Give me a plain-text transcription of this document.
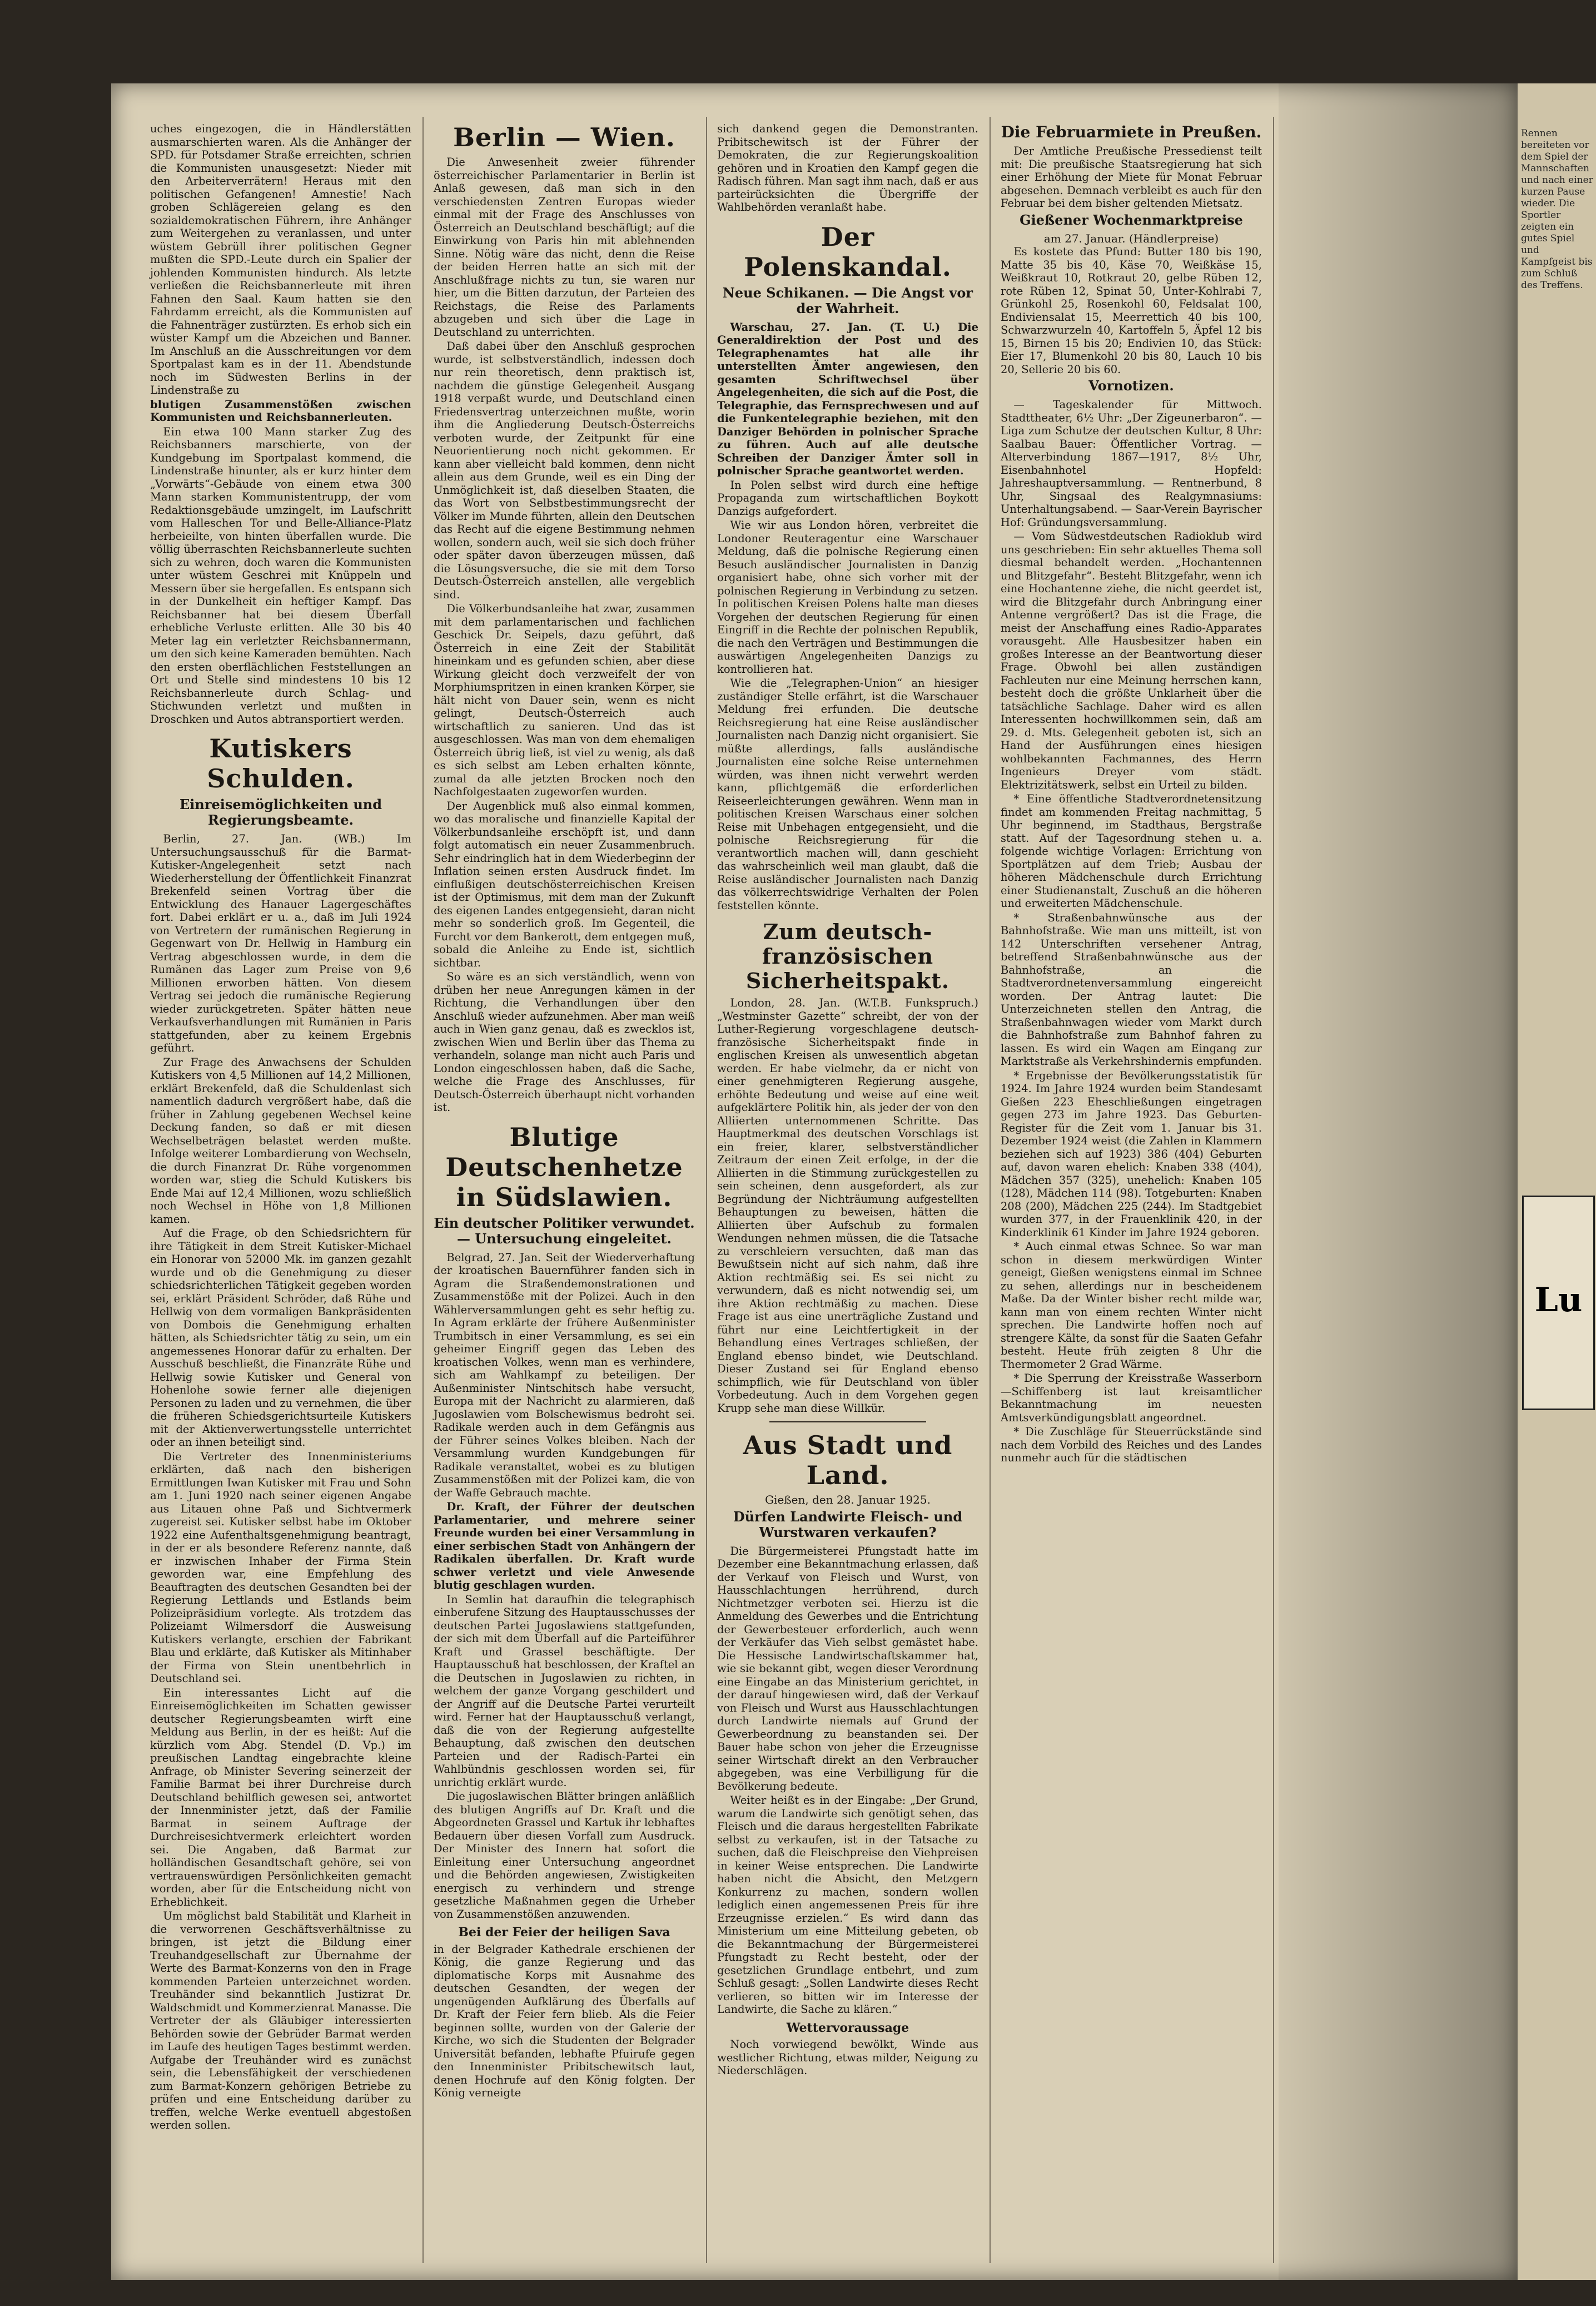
uches eingezogen, die in Händlerstätten ausmarschierten waren. Als die Anhänger der SPD. für Potsdamer Straße erreichten, schrien die Kommunisten unausgesetzt: Nieder mit den Arbeiterverrätern! Heraus mit den politischen Gefangenen! Amnestie! Nach groben Schlägereien gelang es den sozialdemokratischen Führern, ihre Anhänger zum Weitergehen zu veranlassen, und unter wüstem Gebrüll ihrer politischen Gegner mußten die SPD.-Leute durch ein Spalier der johlenden Kommunisten hindurch. Als letzte verließen die Reichsbannerleute mit ihren Fahnen den Saal. Kaum hatten sie den Fahrdamm erreicht, als die Kommunisten auf die Fahnenträger zustürzten. Es erhob sich ein wüster Kampf um die Abzeichen und Banner. Im Anschluß an die Ausschreitungen vor dem Sportpalast kam es in der 11. Abendstunde noch im Südwesten Berlins in der Lindenstraße zu

blutigen Zusammenstößen zwischen Kommunisten und Reichsbannerleuten.

Ein etwa 100 Mann starker Zug des Reichsbanners marschierte, von der Kundgebung im Sportpalast kommend, die Lindenstraße hinunter, als er kurz hinter dem „Vorwärts“-Gebäude von einem etwa 300 Mann starken Kommunistentrupp, der vom Redaktionsgebäude umzingelt, im Laufschritt vom Halleschen Tor und Belle-Alliance-Platz herbeieilte, von hinten überfallen wurde. Die völlig überraschten Reichsbannerleute suchten sich zu wehren, doch waren die Kommunisten unter wüstem Geschrei mit Knüppeln und Messern über sie hergefallen. Es entspann sich in der Dunkelheit ein heftiger Kampf. Das Reichsbanner hat bei diesem Überfall erhebliche Verluste erlitten. Alle 30 bis 40 Meter lag ein verletzter Reichsbannermann, um den sich keine Kameraden bemühten. Nach den ersten oberflächlichen Feststellungen an Ort und Stelle sind mindestens 10 bis 12 Reichsbannerleute durch Schlag- und Stichwunden verletzt und mußten in Droschken und Autos abtransportiert werden.

Kutiskers Schulden.
Einreisemöglichkeiten und Regierungsbeamte.

Berlin, 27. Jan. (WB.) Im Untersuchungsausschuß für die Barmat-Kutisker-Angelegenheit setzt nach Wiederherstellung der Öffentlichkeit Finanzrat Brekenfeld seinen Vortrag über die Entwicklung des Hanauer Lagergeschäftes fort. Dabei erklärt er u. a., daß im Juli 1924 von Vertretern der rumänischen Regierung in Gegenwart von Dr. Hellwig in Hamburg ein Vertrag abgeschlossen wurde, in dem die Rumänen das Lager zum Preise von 9,6 Millionen erworben hätten. Von diesem Vertrag sei jedoch die rumänische Regierung wieder zurückgetreten. Später hätten neue Verkaufsverhandlungen mit Rumänien in Paris stattgefunden, aber zu keinem Ergebnis geführt.

Zur Frage des Anwachsens der Schulden Kutiskers von 4,5 Millionen auf 14,2 Millionen, erklärt Brekenfeld, daß die Schuldenlast sich namentlich dadurch vergrößert habe, daß die früher in Zahlung gegebenen Wechsel keine Deckung fanden, so daß er mit diesen Wechselbeträgen belastet werden mußte. Infolge weiterer Lombardierung von Wechseln, die durch Finanzrat Dr. Rühe vorgenommen worden war, stieg die Schuld Kutiskers bis Ende Mai auf 12,4 Millionen, wozu schließlich noch Wechsel in Höhe von 1,8 Millionen kamen.

Auf die Frage, ob den Schiedsrichtern für ihre Tätigkeit in dem Streit Kutisker-Michael ein Honorar von 52000 Mk. im ganzen gezahlt wurde und ob die Genehmigung zu dieser schiedsrichterlichen Tätigkeit gegeben worden sei, erklärt Präsident Schröder, daß Rühe und Hellwig von dem vormaligen Bankpräsidenten von Dombois die Genehmigung erhalten hätten, als Schiedsrichter tätig zu sein, um ein angemessenes Honorar dafür zu erhalten. Der Ausschuß beschließt, die Finanzräte Rühe und Hellwig sowie Kutisker und General von Hohenlohe sowie ferner alle diejenigen Personen zu laden und zu vernehmen, die über die früheren Schiedsgerichtsurteile Kutiskers mit der Aktienverwertungsstelle unterrichtet oder an ihnen beteiligt sind.

Die Vertreter des Innenministeriums erklärten, daß nach den bisherigen Ermittlungen Iwan Kutisker mit Frau und Sohn am 1. Juni 1920 nach seiner eigenen Angabe aus Litauen ohne Paß und Sichtvermerk zugereist sei. Kutisker selbst habe im Oktober 1922 eine Aufenthaltsgenehmigung beantragt, in der er als besondere Referenz nannte, daß er inzwischen Inhaber der Firma Stein geworden war, eine Empfehlung des Beauftragten des deutschen Gesandten bei der Regierung Lettlands und Estlands beim Polizeipräsidium vorlegte. Als trotzdem das Polizeiamt Wilmersdorf die Ausweisung Kutiskers verlangte, erschien der Fabrikant Blau und erklärte, daß Kutisker als Mitinhaber der Firma von Stein unentbehrlich in Deutschland sei.

Ein interessantes Licht auf die Einreisemöglichkeiten im Schatten gewisser deutscher Regierungsbeamten wirft eine Meldung aus Berlin, in der es heißt: Auf die kürzlich vom Abg. Stendel (D. Vp.) im preußischen Landtag eingebrachte kleine Anfrage, ob Minister Severing seinerzeit der Familie Barmat bei ihrer Durchreise durch Deutschland behilflich gewesen sei, antwortet der Innenminister jetzt, daß der Familie Barmat in seinem Auftrage der Durchreisesichtvermerk erleichtert worden sei. Die Angaben, daß Barmat zur holländischen Gesandtschaft gehöre, sei von vertrauenswürdigen Persönlichkeiten gemacht worden, aber für die Entscheidung nicht von Erheblichkeit.

Um möglichst bald Stabilität und Klarheit in die verworrenen Geschäftsverhältnisse zu bringen, ist jetzt die Bildung einer Treuhandgesellschaft zur Übernahme der Werte des Barmat-Konzerns von den in Frage kommenden Parteien unterzeichnet worden. Treuhänder sind bekanntlich Justizrat Dr. Waldschmidt und Kommerzienrat Manasse. Die Vertreter der als Gläubiger interessierten Behörden sowie der Gebrüder Barmat werden im Laufe des heutigen Tages bestimmt werden. Aufgabe der Treuhänder wird es zunächst sein, die Lebensfähigkeit der verschiedenen zum Barmat-Konzern gehörigen Betriebe zu prüfen und eine Entscheidung darüber zu treffen, welche Werke eventuell abgestoßen werden sollen.

Berlin — Wien.

Die Anwesenheit zweier führender österreichischer Parlamentarier in Berlin ist Anlaß gewesen, daß man sich in den verschiedensten Zentren Europas wieder einmal mit der Frage des Anschlusses von Österreich an Deutschland beschäftigt; auf die Einwirkung von Paris hin mit ablehnenden Sinne. Nötig wäre das nicht, denn die Reise der beiden Herren hatte an sich mit der Anschlußfrage nichts zu tun, sie waren nur hier, um die Bitten darzutun, der Parteien des Reichstags, die Reise des Parlaments abzugeben und sich über die Lage in Deutschland zu unterrichten.

Daß dabei über den Anschluß gesprochen wurde, ist selbstverständlich, indessen doch nur rein theoretisch, denn praktisch ist, nachdem die günstige Gelegenheit Ausgang 1918 verpaßt wurde, und Deutschland einen Friedensvertrag unterzeichnen mußte, worin ihm die Angliederung Deutsch-Österreichs verboten wurde, der Zeitpunkt für eine Neuorientierung noch nicht gekommen. Er kann aber vielleicht bald kommen, denn nicht allein aus dem Grunde, weil es ein Ding der Unmöglichkeit ist, daß dieselben Staaten, die das Wort von Selbstbestimmungsrecht der Völker im Munde führten, allein den Deutschen das Recht auf die eigene Bestimmung nehmen wollen, sondern auch, weil sie sich doch früher oder später davon überzeugen müssen, daß die Lösungsversuche, die sie mit dem Torso Deutsch-Österreich anstellen, alle vergeblich sind.

Die Völkerbundsanleihe hat zwar, zusammen mit dem parlamentarischen und fachlichen Geschick Dr. Seipels, dazu geführt, daß Österreich in eine Zeit der Stabilität hineinkam und es gefunden schien, aber diese Wirkung gleicht doch verzweifelt der von Morphiumspritzen in einen kranken Körper, sie hält nicht von Dauer sein, wenn es nicht gelingt, Deutsch-Österreich auch wirtschaftlich zu sanieren. Und das ist ausgeschlossen. Was man von dem ehemaligen Österreich übrig ließ, ist viel zu wenig, als daß es sich selbst am Leben erhalten könnte, zumal da alle jetzten Brocken noch den Nachfolgestaaten zugeworfen wurden.

Der Augenblick muß also einmal kommen, wo das moralische und finanzielle Kapital der Völkerbundsanleihe erschöpft ist, und dann folgt automatisch ein neuer Zusammenbruch. Sehr eindringlich hat in dem Wiederbeginn der Inflation seinen ersten Ausdruck findet. Im einflußigen deutschösterreichischen Kreisen ist der Optimismus, mit dem man der Zukunft des eigenen Landes entgegensieht, daran nicht mehr so sonderlich groß. Im Gegenteil, die Furcht vor dem Bankerott, dem entgegen muß, sobald die Anleihe zu Ende ist, sichtlich sichtbar.

So wäre es an sich verständlich, wenn von drüben her neue Anregungen kämen in der Richtung, die Verhandlungen über den Anschluß wieder aufzunehmen. Aber man weiß auch in Wien ganz genau, daß es zwecklos ist, zwischen Wien und Berlin über das Thema zu verhandeln, solange man nicht auch Paris und London eingeschlossen haben, daß die Sache, welche die Frage des Anschlusses, für Deutsch-Österreich überhaupt nicht vorhanden ist.

Blutige Deutschenhetze in Südslawien.
Ein deutscher Politiker verwundet. — Untersuchung eingeleitet.

Belgrad, 27. Jan. Seit der Wiederverhaftung der kroatischen Bauernführer fanden sich in Agram die Straßendemonstrationen und Zusammenstöße mit der Polizei. Auch in den Wählerversammlungen geht es sehr heftig zu. In Agram erklärte der frühere Außenminister Trumbitsch in einer Versammlung, es sei ein geheimer Eingriff gegen das Leben des kroatischen Volkes, wenn man es verhindere, sich am Wahlkampf zu beteiligen. Der Außenminister Nintschitsch habe versucht, Europa mit der Nachricht zu alarmieren, daß Jugoslawien vom Bolschewismus bedroht sei. Radikale werden auch in dem Gefängnis aus der Führer seines Volkes bleiben. Nach der Versammlung wurden Kundgebungen für Radikale veranstaltet, wobei es zu blutigen Zusammenstößen mit der Polizei kam, die von der Waffe Gebrauch machte.

Dr. Kraft, der Führer der deutschen Parlamentarier, und mehrere seiner Freunde wurden bei einer Versammlung in einer serbischen Stadt von Anhängern der Radikalen überfallen. Dr. Kraft wurde schwer verletzt und viele Anwesende blutig geschlagen wurden.

In Semlin hat daraufhin die telegraphisch einberufene Sitzung des Hauptausschusses der deutschen Partei Jugoslawiens stattgefunden, der sich mit dem Überfall auf die Parteiführer Kraft und Grassel beschäftigte. Der Hauptausschuß hat beschlossen, der Kraftel an die Deutschen in Jugoslawien zu richten, in welchem der ganze Vorgang geschildert und der Angriff auf die Deutsche Partei verurteilt wird. Ferner hat der Hauptausschuß verlangt, daß die von der Regierung aufgestellte Behauptung, daß zwischen den deutschen Parteien und der Radisch-Partei ein Wahlbündnis geschlossen worden sei, für unrichtig erklärt wurde.

Die jugoslawischen Blätter bringen anläßlich des blutigen Angriffs auf Dr. Kraft und die Abgeordneten Grassel und Kartuk ihr lebhaftes Bedauern über diesen Vorfall zum Ausdruck. Der Minister des Innern hat sofort die Einleitung einer Untersuchung angeordnet und die Behörden angewiesen, Zwistigkeiten energisch zu verhindern und strenge gesetzliche Maßnahmen gegen die Urheber von Zusammenstößen anzuwenden.

Bei der Feier der heiligen Sava

in der Belgrader Kathedrale erschienen der König, die ganze Regierung und das diplomatische Korps mit Ausnahme des deutschen Gesandten, der wegen der ungenügenden Aufklärung des Überfalls auf Dr. Kraft der Feier fern blieb. Als die Feier beginnen sollte, wurden von der Galerie der Kirche, wo sich die Studenten der Belgrader Universität befanden, lebhafte Pfuirufe gegen den Innenminister Pribitschewitsch laut, denen Hochrufe auf den König folgten. Der König verneigte

sich dankend gegen die Demonstranten. Pribitschewitsch ist der Führer der Demokraten, die zur Regierungskoalition gehören und in Kroatien den Kampf gegen die Radisch führen. Man sagt ihm nach, daß er aus parteirücksichten die Übergriffe der Wahlbehörden veranlaßt habe.

Der Polenskandal.
Neue Schikanen. — Die Angst vor der Wahrheit.

Warschau, 27. Jan. (T. U.) Die Generaldirektion der Post und des Telegraphenamtes hat alle ihr unterstellten Ämter angewiesen, den gesamten Schriftwechsel über Angelegenheiten, die sich auf die Post, die Telegraphie, das Fernsprechwesen und auf die Funkentelegraphie beziehen, mit den Danziger Behörden in polnischer Sprache zu führen. Auch auf alle deutsche Schreiben der Danziger Ämter soll in polnischer Sprache geantwortet werden.

In Polen selbst wird durch eine heftige Propaganda zum wirtschaftlichen Boykott Danzigs aufgefordert.

Wie wir aus London hören, verbreitet die Londoner Reuteragentur eine Warschauer Meldung, daß die polnische Regierung einen Besuch ausländischer Journalisten in Danzig organisiert habe, ohne sich vorher mit der polnischen Regierung in Verbindung zu setzen. In politischen Kreisen Polens halte man dieses Vorgehen der deutschen Regierung für einen Eingriff in die Rechte der polnischen Republik, die nach den Verträgen und Bestimmungen die auswärtigen Angelegenheiten Danzigs zu kontrollieren hat.

Wie die „Telegraphen-Union“ an hiesiger zuständiger Stelle erfährt, ist die Warschauer Meldung frei erfunden. Die deutsche Reichsregierung hat eine Reise ausländischer Journalisten nach Danzig nicht organisiert. Sie müßte allerdings, falls ausländische Journalisten eine solche Reise unternehmen würden, was ihnen nicht verwehrt werden kann, pflichtgemäß die erforderlichen Reiseerleichterungen gewähren. Wenn man in politischen Kreisen Warschaus einer solchen Reise mit Unbehagen entgegensieht, und die polnische Reichsregierung für die verantwortlich machen will, dann geschieht das wahrscheinlich weil man glaubt, daß die Reise ausländischer Journalisten nach Danzig das völkerrechtswidrige Verhalten der Polen feststellen könnte.

Zum deutsch-französischen Sicherheitspakt.

London, 28. Jan. (W.T.B. Funkspruch.) „Westminster Gazette“ schreibt, der von der Luther-Regierung vorgeschlagene deutsch-französische Sicherheitspakt finde in englischen Kreisen als unwesentlich abgetan werden. Er habe vielmehr, da er nicht von einer genehmigteren Regierung ausgehe, erhöhte Bedeutung und weise auf eine weit aufgeklärtere Politik hin, als jeder der von den Alliierten unternommenen Schritte. Das Hauptmerkmal des deutschen Vorschlags ist ein freier, klarer, selbstverständlicher Zeitraum der einen Zeit erfolge, in der die Alliierten in die Stimmung zurückgestellen zu sein scheinen, denn ausgefordert, als zur Begründung der Nichträumung aufgestellten Behauptungen zu beweisen, hätten die Alliierten über Aufschub zu formalen Wendungen nehmen müssen, die die Tatsache zu verschleiern versuchten, daß man das Bewußtsein nicht auf sich nahm, daß ihre Aktion rechtmäßig sei. Es sei nicht zu verwundern, daß es nicht notwendig sei, um ihre Aktion rechtmäßig zu machen. Diese Frage ist aus eine unerträgliche Zustand und führt nur eine Leichtfertigkeit in der Behandlung eines Vertrages schließen, der England ebenso bindet, wie Deutschland. Dieser Zustand sei für England ebenso schimpflich, wie für Deutschland von übler Vorbedeutung. Auch in dem Vorgehen gegen Krupp sehe man diese Willkür.

Aus Stadt und Land.
Gießen, den 28. Januar 1925.
Dürfen Landwirte Fleisch- und Wurstwaren verkaufen?

Die Bürgermeisterei Pfungstadt hatte im Dezember eine Bekanntmachung erlassen, daß der Verkauf von Fleisch und Wurst, von Hausschlachtungen herrührend, durch Nichtmetzger verboten sei. Hierzu ist die Anmeldung des Gewerbes und die Entrichtung der Gewerbesteuer erforderlich, auch wenn der Verkäufer das Vieh selbst gemästet habe. Die Hessische Landwirtschaftskammer hat, wie sie bekannt gibt, wegen dieser Verordnung eine Eingabe an das Ministerium gerichtet, in der darauf hingewiesen wird, daß der Verkauf von Fleisch und Wurst aus Hausschlachtungen durch Landwirte niemals auf Grund der Gewerbeordnung zu beanstanden sei. Der Bauer habe schon von jeher die Erzeugnisse seiner Wirtschaft direkt an den Verbraucher abgegeben, was eine Verbilligung für die Bevölkerung bedeute.

Weiter heißt es in der Eingabe: „Der Grund, warum die Landwirte sich genötigt sehen, das Fleisch und die daraus hergestellten Fabrikate selbst zu verkaufen, ist in der Tatsache zu suchen, daß die Fleischpreise den Viehpreisen in keiner Weise entsprechen. Die Landwirte haben nicht die Absicht, den Metzgern Konkurrenz zu machen, sondern wollen lediglich einen angemessenen Preis für ihre Erzeugnisse erzielen.“ Es wird dann das Ministerium um eine Mitteilung gebeten, ob die Bekanntmachung der Bürgermeisterei Pfungstadt zu Recht besteht, oder der gesetzlichen Grundlage entbehrt, und zum Schluß gesagt: „Sollen Landwirte dieses Recht verlieren, so bitten wir im Interesse der Landwirte, die Sache zu klären.“

Wettervoraussage

Noch vorwiegend bewölkt, Winde aus westlicher Richtung, etwas milder, Neigung zu Niederschlägen.

Die Februarmiete in Preußen.

Der Amtliche Preußische Pressedienst teilt mit: Die preußische Staatsregierung hat sich einer Erhöhung der Miete für Monat Februar abgesehen. Demnach verbleibt es auch für den Februar bei dem bisher geltenden Mietsatz.

Gießener Wochenmarktpreise
am 27. Januar. (Händlerpreise)

Es kostete das Pfund: Butter 180 bis 190, Matte 35 bis 40, Käse 70, Weißkäse 15, Weißkraut 10, Rotkraut 20, gelbe Rüben 12, rote Rüben 12, Spinat 50, Unter-Kohlrabi 7, Grünkohl 25, Rosenkohl 60, Feldsalat 100, Endiviensalat 15, Meerrettich 40 bis 100, Schwarzwurzeln 40, Kartoffeln 5, Äpfel 12 bis 15, Birnen 15 bis 20; Endivien 10, das Stück: Eier 17, Blumenkohl 20 bis 80, Lauch 10 bis 20, Sellerie 20 bis 60.

Vornotizen.

— Tageskalender für Mittwoch. Stadttheater, 6½ Uhr: „Der Zigeunerbaron“. — Liga zum Schutze der deutschen Kultur, 8 Uhr: Saalbau Bauer: Öffentlicher Vortrag. — Alterverbindung 1867—1917, 8½ Uhr, Eisenbahnhotel Hopfeld: Jahreshauptversammlung. — Rentnerbund, 8 Uhr, Singsaal des Realgymnasiums: Unterhaltungsabend. — Saar-Verein Bayrischer Hof: Gründungsversammlung.

— Vom Südwestdeutschen Radioklub wird uns geschrieben: Ein sehr aktuelles Thema soll diesmal behandelt werden. „Hochantennen und Blitzgefahr“. Besteht Blitzgefahr, wenn ich eine Hochantenne ziehe, die nicht geerdet ist, wird die Blitzgefahr durch Anbringung einer Antenne vergrößert? Das ist die Frage, die meist der Anschaffung eines Radio-Apparates vorausgeht. Alle Hausbesitzer haben ein großes Interesse an der Beantwortung dieser Frage. Obwohl bei allen zuständigen Fachleuten nur eine Meinung herrschen kann, besteht doch die größte Unklarheit über die tatsächliche Sachlage. Daher wird es allen Interessenten hochwillkommen sein, daß am 29. d. Mts. Gelegenheit geboten ist, sich an Hand der Ausführungen eines hiesigen wohlbekannten Fachmannes, des Herrn Ingenieurs Dreyer vom städt. Elektrizitätswerk, selbst ein Urteil zu bilden.

* Eine öffentliche Stadtverordnetensitzung findet am kommenden Freitag nachmittag, 5 Uhr beginnend, im Stadthaus, Bergstraße statt. Auf der Tagesordnung stehen u. a. folgende wichtige Vorlagen: Errichtung von Sportplätzen auf dem Trieb; Ausbau der höheren Mädchenschule durch Errichtung einer Studienanstalt, Zuschuß an die höheren und erweiterten Mädchenschule.

* Straßenbahnwünsche aus der Bahnhofstraße. Wie man uns mitteilt, ist von 142 Unterschriften versehener Antrag, betreffend Straßenbahnwünsche aus der Bahnhofstraße, an die Stadtverordnetenversammlung eingereicht worden. Der Antrag lautet: Die Unterzeichneten stellen den Antrag, die Straßenbahnwagen wieder vom Markt durch die Bahnhofstraße zum Bahnhof fahren zu lassen. Es wird ein Wagen am Eingang zur Marktstraße als Verkehrshindernis empfunden.

* Ergebnisse der Bevölkerungsstatistik für 1924. Im Jahre 1924 wurden beim Standesamt Gießen 223 Eheschließungen eingetragen gegen 273 im Jahre 1923. Das Geburten-Register für die Zeit vom 1. Januar bis 31. Dezember 1924 weist (die Zahlen in Klammern beziehen sich auf 1923) 386 (404) Geburten auf, davon waren ehelich: Knaben 338 (404), Mädchen 357 (325), unehelich: Knaben 105 (128), Mädchen 114 (98). Totgeburten: Knaben 208 (200), Mädchen 225 (244). Im Stadtgebiet wurden 377, in der Frauenklinik 420, in der Kinderklinik 61 Kinder im Jahre 1924 geboren.

* Auch einmal etwas Schnee. So war man schon in diesem merkwürdigen Winter geneigt, Gießen wenigstens einmal im Schnee zu sehen, allerdings nur in bescheidenem Maße. Da der Winter bisher recht milde war, kann man von einem rechten Winter nicht sprechen. Die Landwirte hoffen noch auf strengere Kälte, da sonst für die Saaten Gefahr besteht. Heute früh zeigten 8 Uhr die Thermometer 2 Grad Wärme.

* Die Sperrung der Kreisstraße Wasserborn—Schiffenberg ist laut kreisamtlicher Bekanntmachung im neuesten Amtsverkündigungsblatt angeordnet.

* Die Zuschläge für Steuerrückstände sind nach dem Vorbild des Reiches und des Landes nunmehr auch für die städtischen

Rennen bereiteten vor dem Spiel der Mannschaften und nach einer kurzen Pause wieder. Die Sportler zeigten ein gutes Spiel und Kampfgeist bis zum Schluß des Treffens.
Lu
